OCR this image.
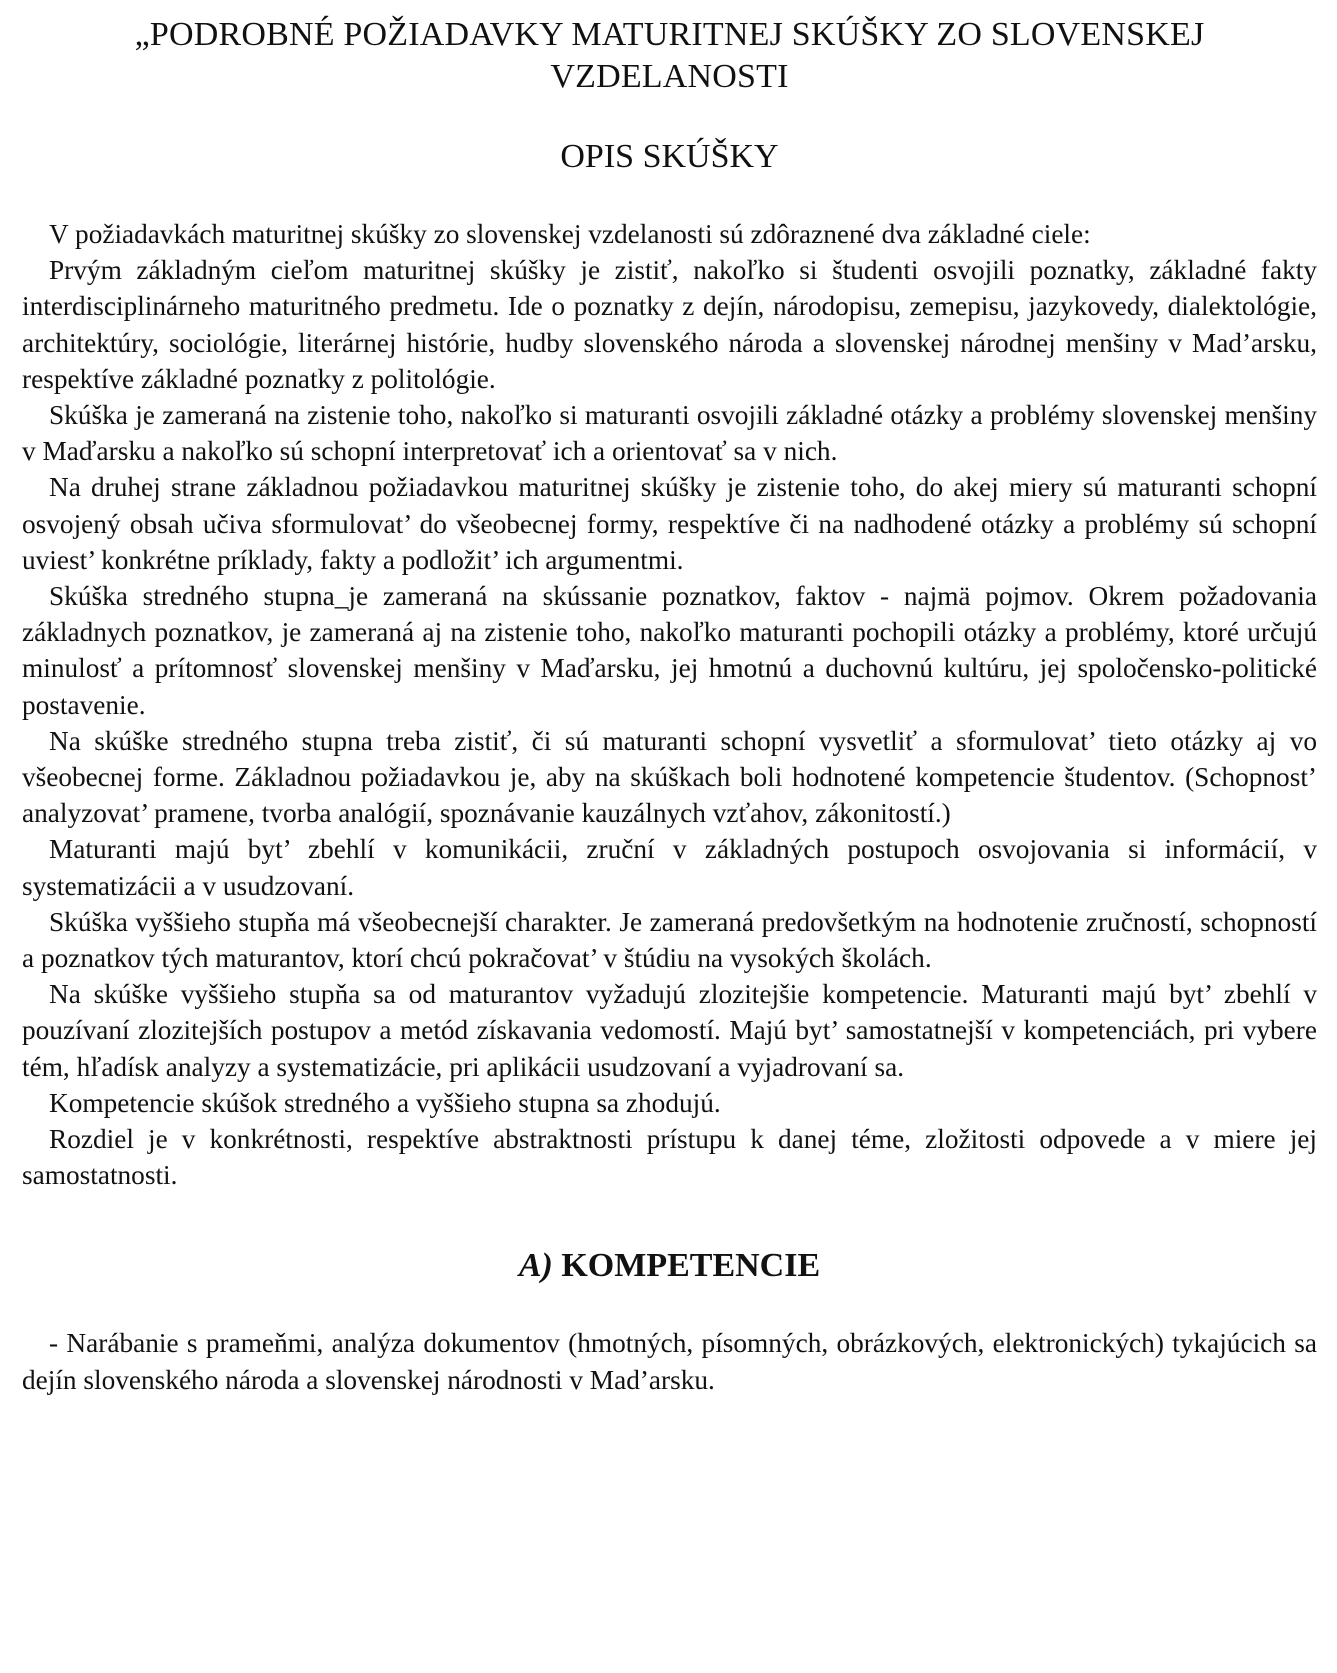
„PODROBNÉ POŽIADAVKY MATURITNEJ SKÚŠKY ZO SLOVENSKEJ VZDELANOSTI
OPIS SKÚŠKY

V požiadavkách maturitnej skúšky zo slovenskej vzdelanosti sú zdôraznené dva základné ciele:

Prvým základným cieľom maturitnej skúšky je zistiť, nakoľko si študenti osvojili poznatky, základné fakty interdisciplinárneho maturitného predmetu. Ide o poznatky z dejín, národopisu, zemepisu, jazykovedy, dialektológie, architektúry, sociológie, literárnej histórie, hudby slovenského národa a slovenskej národnej menšiny v Mad’arsku, respektíve základné poznatky z politológie.

Skúška je zameraná na zistenie toho, nakoľko si maturanti osvojili základné otázky a problémy slovenskej menšiny v Maďarsku a nakoľko sú schopní interpretovať ich a orientovať sa v nich.

Na druhej strane základnou požiadavkou maturitnej skúšky je zistenie toho, do akej miery sú maturanti schopní osvojený obsah učiva sformulovat’ do všeobecnej formy, respektíve či na nadhodené otázky a problémy sú schopní uviest’ konkrétne príklady, fakty a podložit’ ich argumentmi.

Skúška stredného stupna_je zameraná na skússanie poznatkov, faktov - najmä pojmov. Okrem požadovania základnych poznatkov, je zameraná aj na zistenie toho, nakoľko maturanti pochopili otázky a problémy, ktoré určujú minulosť a prítomnosť slovenskej menšiny v Maďarsku, jej hmotnú a duchovnú kultúru, jej spoločensko-politické postavenie.

Na skúške stredného stupna treba zistiť, či sú maturanti schopní vysvetliť a sformulovat’ tieto otázky aj vo všeobecnej forme. Základnou požiadavkou je, aby na skúškach boli hodnotené kompetencie študentov. (Schopnost’ analyzovat’ pramene, tvorba analógií, spoznávanie kauzálnych vzťahov, zákonitostí.)

Maturanti majú byt’ zbehlí v komunikácii, zruční v základných postupoch osvojovania si informácií, v systematizácii a v usudzovaní.

Skúška vyššieho stupňa má všeobecnejší charakter. Je zameraná predovšetkým na hodnotenie zručností, schopností a poznatkov tých maturantov, ktorí chcú pokračovat’ v štúdiu na vysokých školách.

Na skúške vyššieho stupňa sa od maturantov vyžadujú zlozitejšie kompetencie. Maturanti majú byt’ zbehlí v pouzívaní zlozitejších postupov a metód získavania vedomostí. Majú byt’ samostatnejší v kompetenciách, pri vybere tém, hľadísk analyzy a systematizácie, pri aplikácii usudzovaní a vyjadrovaní sa.

Kompetencie skúšok stredného a vyššieho stupna sa zhodujú.

Rozdiel je v konkrétnosti, respektíve abstraktnosti prístupu k danej téme, zložitosti odpovede a v miere jej samostatnosti.

A) KOMPETENCIE

- Narábanie s prameňmi, analýza dokumentov (hmotných, písomných, obrázkových, elektronických) tykajúcich sa dejín slovenského národa a slovenskej národnosti v Mad’arsku.
